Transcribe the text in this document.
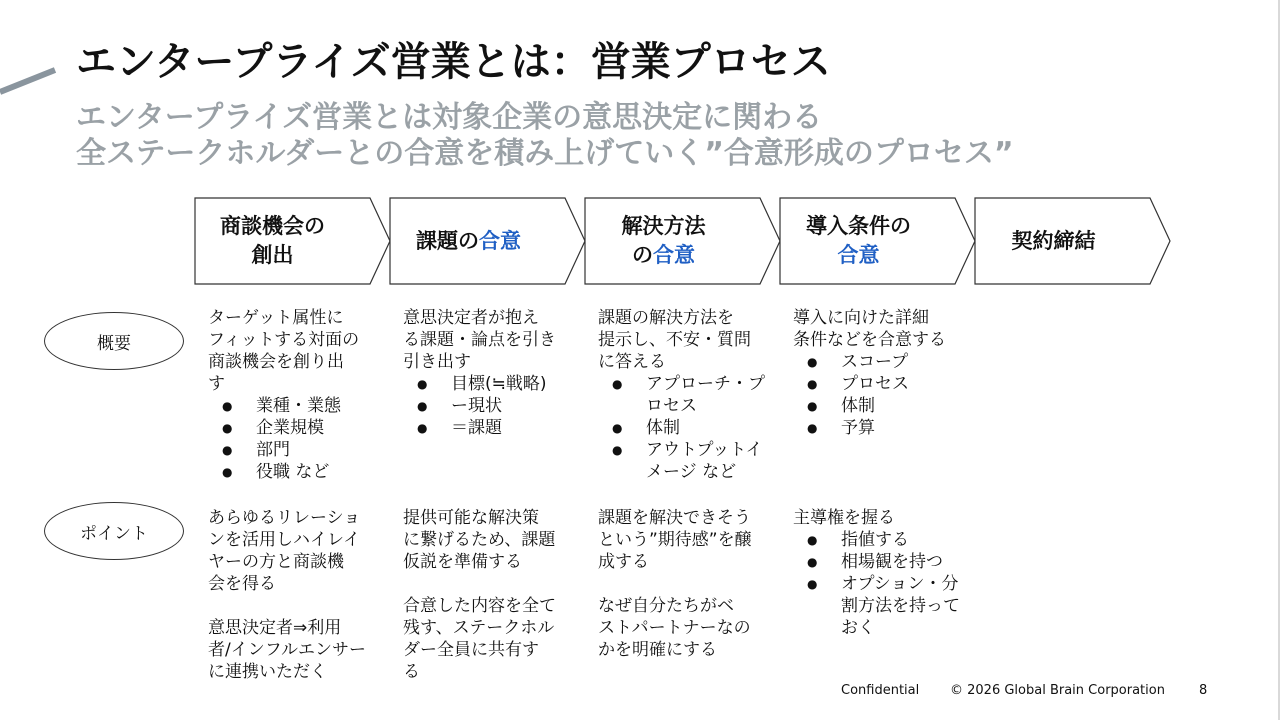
エンタープライズ営業とは：営業プロセス
エンタープライズ営業とは対象企業の意思決定に関わる
全ステークホルダーとの合意を積み上げていく”合意形成のプロセス”
商談機会の
創出
課題の合意
解決方法
の合意
導入条件の
合意
契約締結
概要
ポイント

ターゲット属性に

フィットする対面の

商談機会を創り出

す

● 業種・業態
● 企業規模
● 部門
● 役職 など

意思決定者が抱え

る課題・論点を引き

引き出す

● 目標(≒戦略)
● ー現状
● ＝課題

課題の解決方法を

提示し、不安・質問

に答える

● アプローチ・プロセス
● 体制
● アウトプットイメージ など

導入に向けた詳細

条件などを合意する

● スコープ
● プロセス
● 体制
● 予算

あらゆるリレーショ

ンを活用しハイレイ

ヤーの方と商談機

会を得る

意思決定者⇒利用

者/インフルエンサー

に連携いただく

提供可能な解決策

に繋げるため、課題

仮説を準備する

合意した内容を全て

残す、ステークホル

ダー全員に共有す

る

課題を解決できそう

という”期待感”を醸

成する

なぜ自分たちがベ

ストパートナーなの

かを明確にする

主導権を握る

● 指値する
● 相場観を持つ
● オプション・分割方法を持っておく
Confidential © 2026 Global Brain Corporation	8
